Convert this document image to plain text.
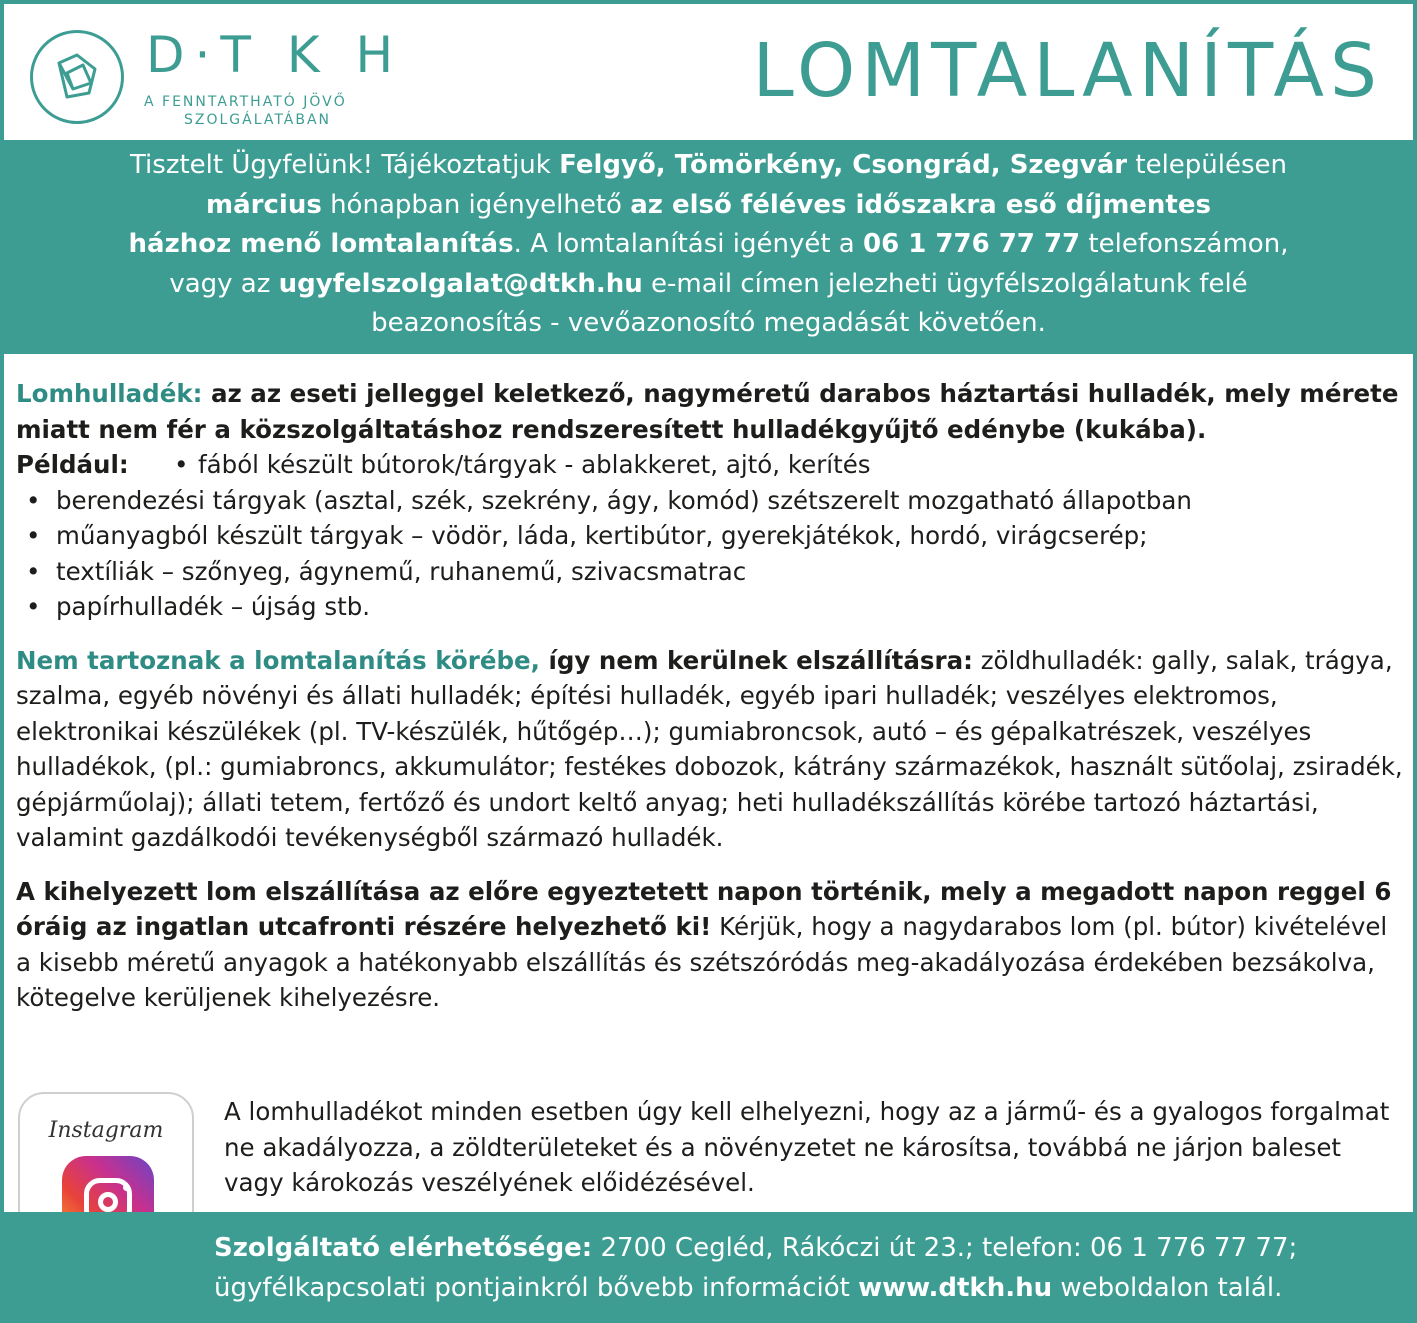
D·T K H
A FENNTARTHATÓ JÖVŐ
SZOLGÁLATÁBAN
LOMTALANÍTÁS
Tisztelt Ügyfelünk! Tájékoztatjuk Felgyő, Tömörkény, Csongrád, Szegvár településen
március hónapban igényelhető az első féléves időszakra eső díjmentes
házhoz menő lomtalanítás. A lomtalanítási igényét a 06 1 776 77 77 telefonszámon,
vagy az ugyfelszolgalat@dtkh.hu e-mail címen jelezheti ügyfélszolgálatunk felé
beazonosítás - vevőazonosító megadását követően.

Lomhulladék: az az eseti jelleggel keletkező, nagyméretű darabos háztartási hulladék, mely mérete miatt nem fér a közszolgáltatáshoz rendszeresített hulladékgyűjtő edénybe (kukába).

Például:
•	fából készült bútorok/tárgyak - ablakkeret, ajtó, kerítés
• berendezési tárgyak (asztal, szék, szekrény, ágy, komód) szétszerelt mozgatható állapotban
• műanyagból készült tárgyak – vödör, láda, kertibútor, gyerekjátékok, hordó, virágcserép;
• textíliák – szőnyeg, ágynemű, ruhanemű, szivacsmatrac
• papírhulladék – újság stb.

Nem tartoznak a lomtalanítás körébe, így nem kerülnek elszállításra: zöldhulladék: gally, salak, trágya, szalma, egyéb növényi és állati hulladék; építési hulladék, egyéb ipari hulladék; veszélyes elektromos, elektronikai készülékek (pl. TV-készülék, hűtőgép…); gumiabroncsok, autó – és gépalkatrészek, veszélyes hulladékok, (pl.: gumiabroncs, akkumulátor; festékes dobozok, kátrány származékok, használt sütőolaj, zsiradék, gépjárműolaj); állati tetem, fertőző és undort keltő anyag; heti hulladékszállítás körébe tartozó háztartási, valamint gazdálkodói tevékenységből származó hulladék.

A kihelyezett lom elszállítása az előre egyeztetett napon történik, mely a megadott napon reggel 6 óráig az ingatlan utcafronti részére helyezhető ki! Kérjük, hogy a nagydarabos lom (pl. bútor) kivételével a kisebb méretű anyagok a hatékonyabb elszállítás és szétszóródás meg-akadályozása érdekében bezsákolva, kötegelve kerüljenek kihelyezésre.

Instagram
A lomhulladékot minden esetben úgy kell elhelyezni, hogy az a jármű- és a gyalogos forgalmat ne akadályozza, a zöldterületeket és a növényzetet ne károsítsa, továbbá ne járjon baleset vagy károkozás veszélyének előidézésével.
Szolgáltató elérhetősége: 2700 Cegléd, Rákóczi út 23.; telefon: 06 1 776 77 77;
ügyfélkapcsolati pontjainkról bővebb információt www.dtkh.hu weboldalon talál.
